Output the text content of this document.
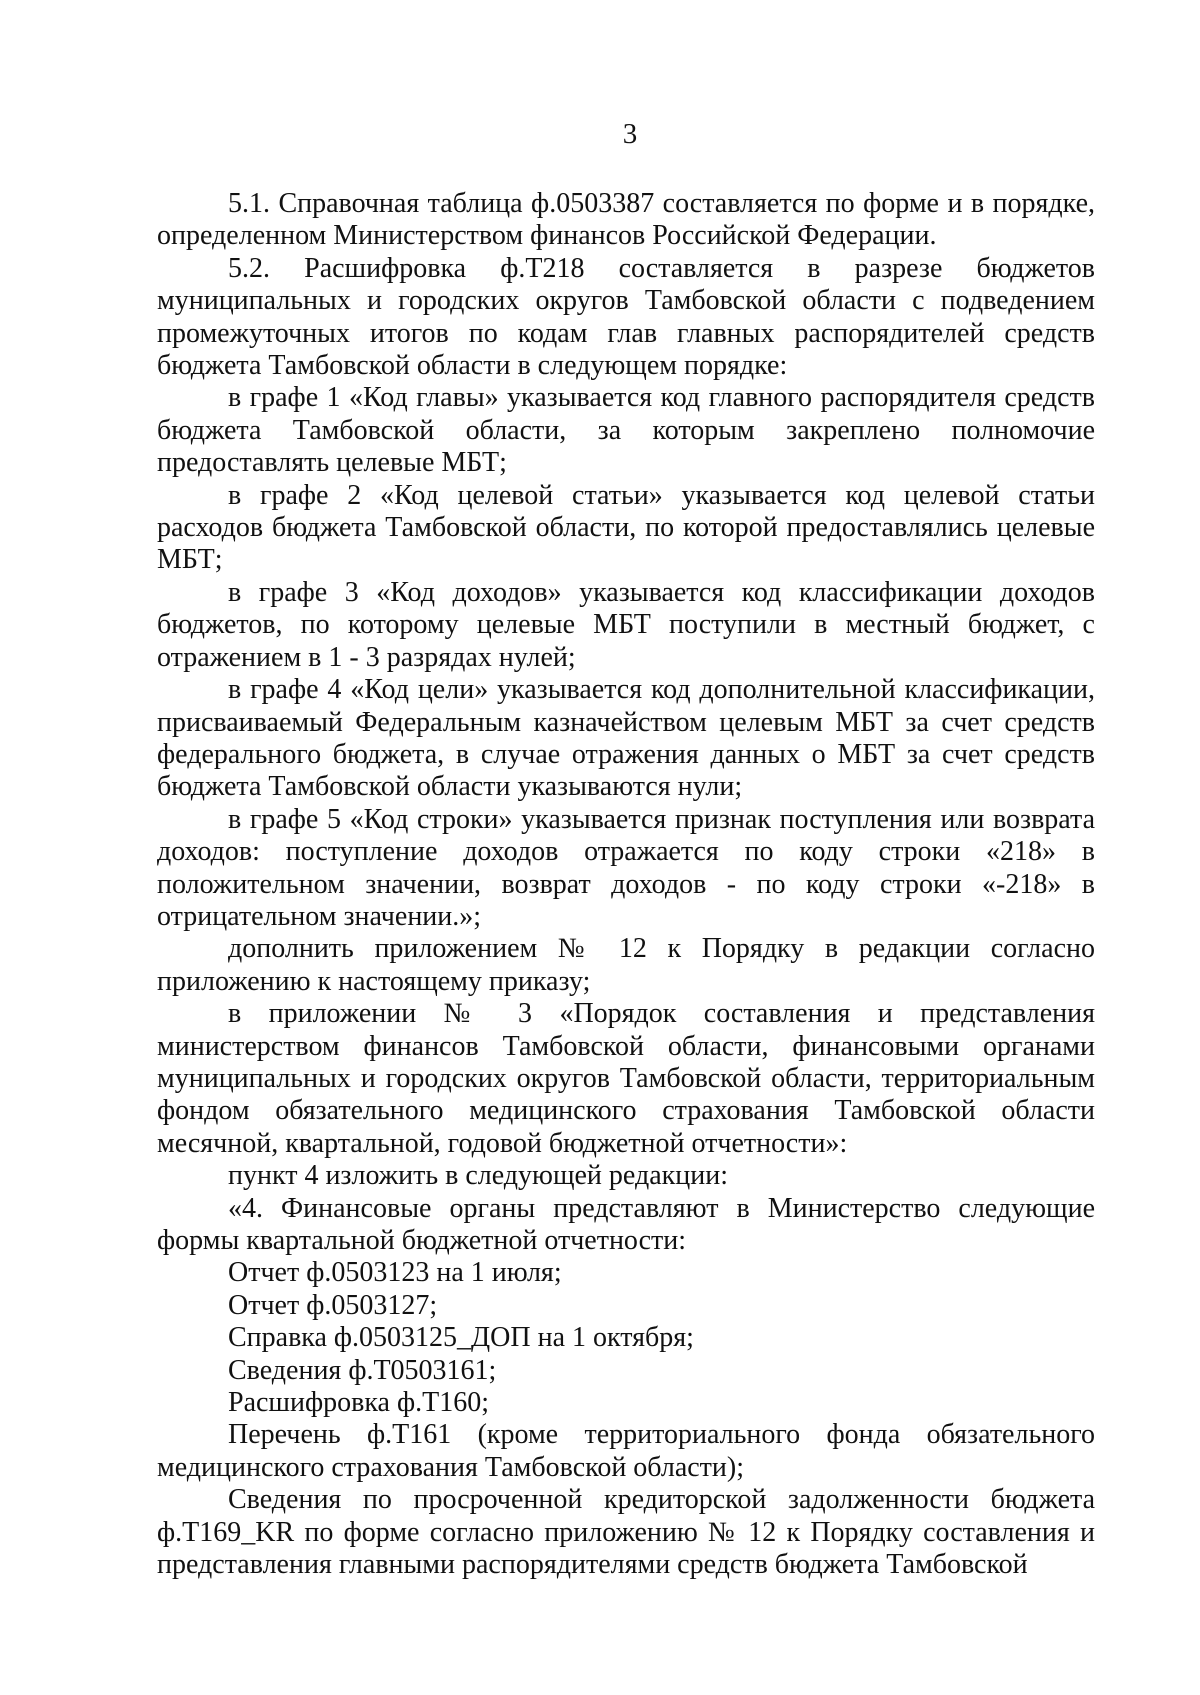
3

5.1. Справочная таблица ф.0503387 составляется по форме и в порядке, определенном Министерством финансов Российской Федерации.

5.2. Расшифровка ф.Т218 составляется в разрезе бюджетов муниципальных и городских округов Тамбовской области с подведением промежуточных итогов по кодам глав главных распорядителей средств бюджета Тамбовской области в следующем порядке:

в графе 1 «Код главы» указывается код главного распорядителя средств бюджета Тамбовской области, за которым закреплено полномочие предоставлять целевые МБТ;

в графе 2 «Код целевой статьи» указывается код целевой статьи расходов бюджета Тамбовской области, по которой предоставлялись целевые МБТ;

в графе 3 «Код доходов» указывается код классификации доходов бюджетов, по которому целевые МБТ поступили в местный бюджет, с отражением в 1 - 3 разрядах нулей;

в графе 4 «Код цели» указывается код дополнительной классификации, присваиваемый Федеральным казначейством целевым МБТ за счет средств федерального бюджета, в случае отражения данных о МБТ за счет средств бюджета Тамбовской области указываются нули;

в графе 5 «Код строки» указывается признак поступления или возврата доходов: поступление доходов отражается по коду строки «218» в положительном значении, возврат доходов - по коду строки «-218» в отрицательном значении.»;

дополнить приложением № 12 к Порядку в редакции согласно приложению к настоящему приказу;

в приложении № 3 «Порядок составления и представления министерством финансов Тамбовской области, финансовыми органами муниципальных и городских округов Тамбовской области, территориальным фондом обязательного медицинского страхования Тамбовской области месячной, квартальной, годовой бюджетной отчетности»:

пункт 4 изложить в следующей редакции:

«4. Финансовые органы представляют в Министерство следующие формы квартальной бюджетной отчетности:

Отчет ф.0503123 на 1 июля;

Отчет ф.0503127;

Справка ф.0503125_ДОП на 1 октября;

Сведения ф.Т0503161;

Расшифровка ф.Т160;

Перечень ф.Т161 (кроме территориального фонда обязательного медицинского страхования Тамбовской области);

Сведения по просроченной кредиторской задолженности бюджета ф.Т169_KR по форме согласно приложению № 12 к Порядку составления и представления главными распорядителями средств бюджета Тамбовской
